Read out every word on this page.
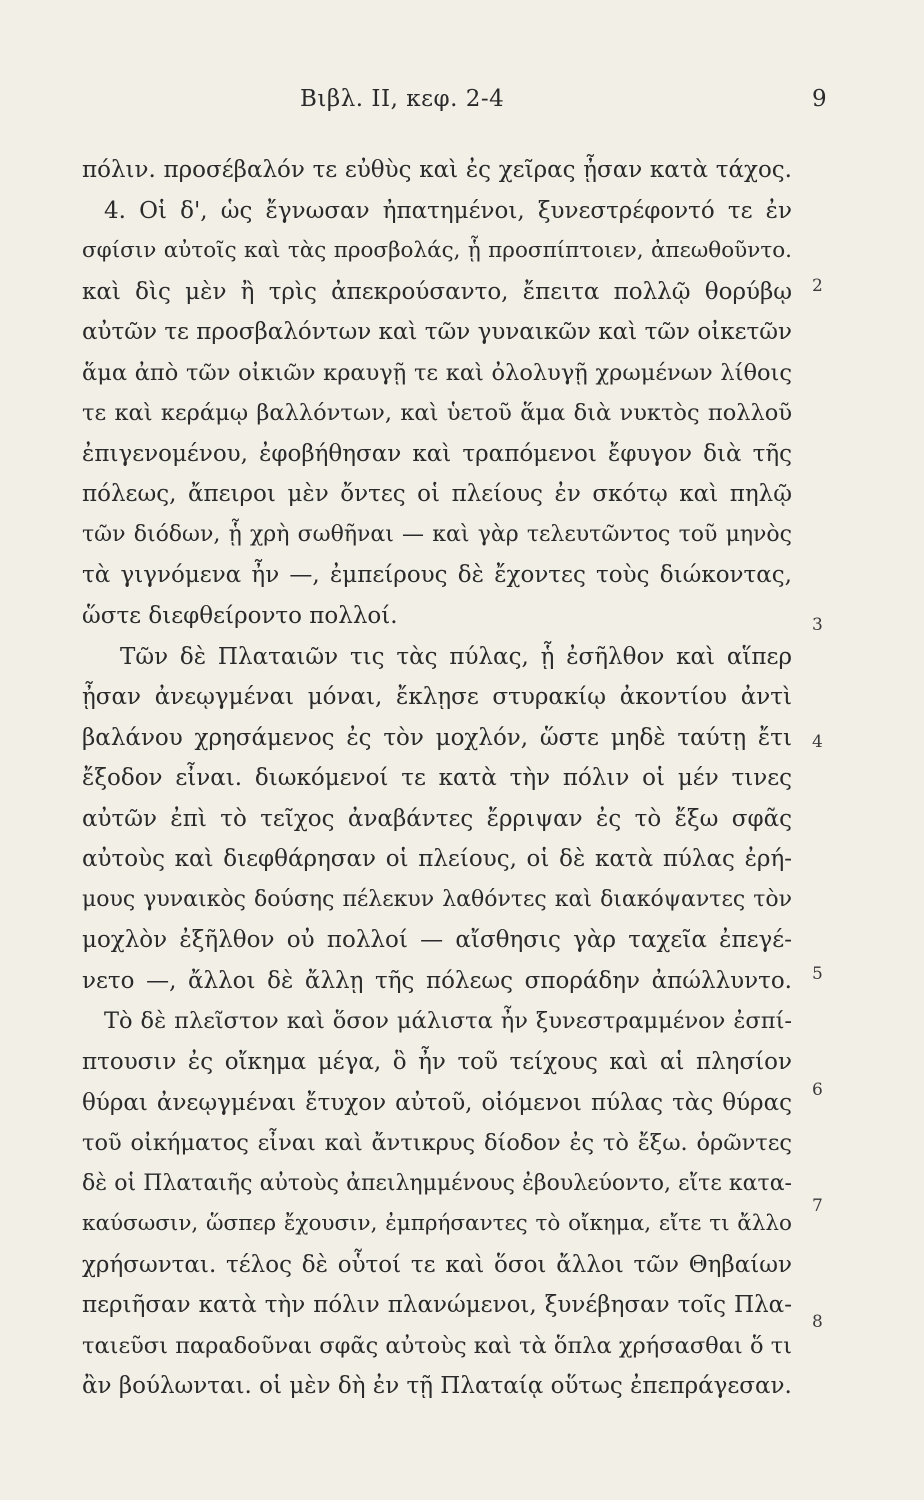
Βιβλ. II, κεφ. 2-4	9
πόλιν. προσέβαλόν τε εὐθὺς καὶ ἐς χεῖρας ᾖσαν κατὰ τάχος.
4. Οἱ δ', ὡς ἔγνωσαν ἠπατημένοι, ξυνεστρέφοντό τε ἐν
σφίσιν αὐτοῖς καὶ τὰς προσβολάς, ᾗ προσπίπτοιεν, ἀπεωθοῦντο.
καὶ δὶς μὲν ἢ τρὶς ἀπεκρούσαντο, ἔπειτα πολλῷ θορύβῳ
αὐτῶν τε προσβαλόντων καὶ τῶν γυναικῶν καὶ τῶν οἰκετῶν
ἅμα ἀπὸ τῶν οἰκιῶν κραυγῇ τε καὶ ὀλολυγῇ χρωμένων λίθοις
τε καὶ κεράμῳ βαλλόντων, καὶ ὑετοῦ ἅμα διὰ νυκτὸς πολλοῦ
ἐπιγενομένου, ἐφοβήθησαν καὶ τραπόμενοι ἔφυγον διὰ τῆς
πόλεως, ἄπειροι μὲν ὄντες οἱ πλείους ἐν σκότῳ καὶ πηλῷ
τῶν διόδων, ᾗ χρὴ σωθῆναι — καὶ γὰρ τελευτῶντος τοῦ μηνὸς
τὰ γιγνόμενα ἦν —, ἐμπείρους δὲ ἔχοντες τοὺς διώκοντας,
ὥστε διεφθείροντο πολλοί.
Τῶν δὲ Πλαταιῶν τις τὰς πύλας, ᾗ ἐσῆλθον καὶ αἵπερ
ᾖσαν ἀνεῳγμέναι μόναι, ἔκλῃσε στυρακίῳ ἀκοντίου ἀντὶ
βαλάνου χρησάμενος ἐς τὸν μοχλόν, ὥστε μηδὲ ταύτῃ ἔτι
ἔξοδον εἶναι. διωκόμενοί τε κατὰ τὴν πόλιν οἱ μέν τινες
αὐτῶν ἐπὶ τὸ τεῖχος ἀναβάντες ἔρριψαν ἐς τὸ ἔξω σφᾶς
αὐτοὺς καὶ διεφθάρησαν οἱ πλείους, οἱ δὲ κατὰ πύλας ἐρή-
μους γυναικὸς δούσης πέλεκυν λαθόντες καὶ διακόψαντες τὸν
μοχλὸν ἐξῆλθον οὐ πολλοί — αἴσθησις γὰρ ταχεῖα ἐπεγέ-
νετο —, ἄλλοι δὲ ἄλλῃ τῆς πόλεως σποράδην ἀπώλλυντο.
Τὸ δὲ πλεῖστον καὶ ὅσον μάλιστα ἦν ξυνεστραμμένον ἐσπί-
πτουσιν ἐς οἴκημα μέγα, ὃ ἦν τοῦ τείχους καὶ αἱ πλησίον
θύραι ἀνεῳγμέναι ἔτυχον αὐτοῦ, οἰόμενοι πύλας τὰς θύρας
τοῦ οἰκήματος εἶναι καὶ ἄντικρυς δίοδον ἐς τὸ ἔξω. ὁρῶντες
δὲ οἱ Πλαταιῆς αὐτοὺς ἀπειλημμένους ἐβουλεύοντο, εἴτε κατα-
καύσωσιν, ὥσπερ ἔχουσιν, ἐμπρήσαντες τὸ οἴκημα, εἴτε τι ἄλλο
χρήσωνται. τέλος δὲ οὗτοί τε καὶ ὅσοι ἄλλοι τῶν Θηβαίων
περιῆσαν κατὰ τὴν πόλιν πλανώμενοι, ξυνέβησαν τοῖς Πλα-
ταιεῦσι παραδοῦναι σφᾶς αὐτοὺς καὶ τὰ ὅπλα χρήσασθαι ὅ τι
ἂν βούλωνται. οἱ μὲν δὴ ἐν τῇ Πλαταίᾳ οὕτως ἐπεπράγεσαν.
2
3
4
5
6
7
8
